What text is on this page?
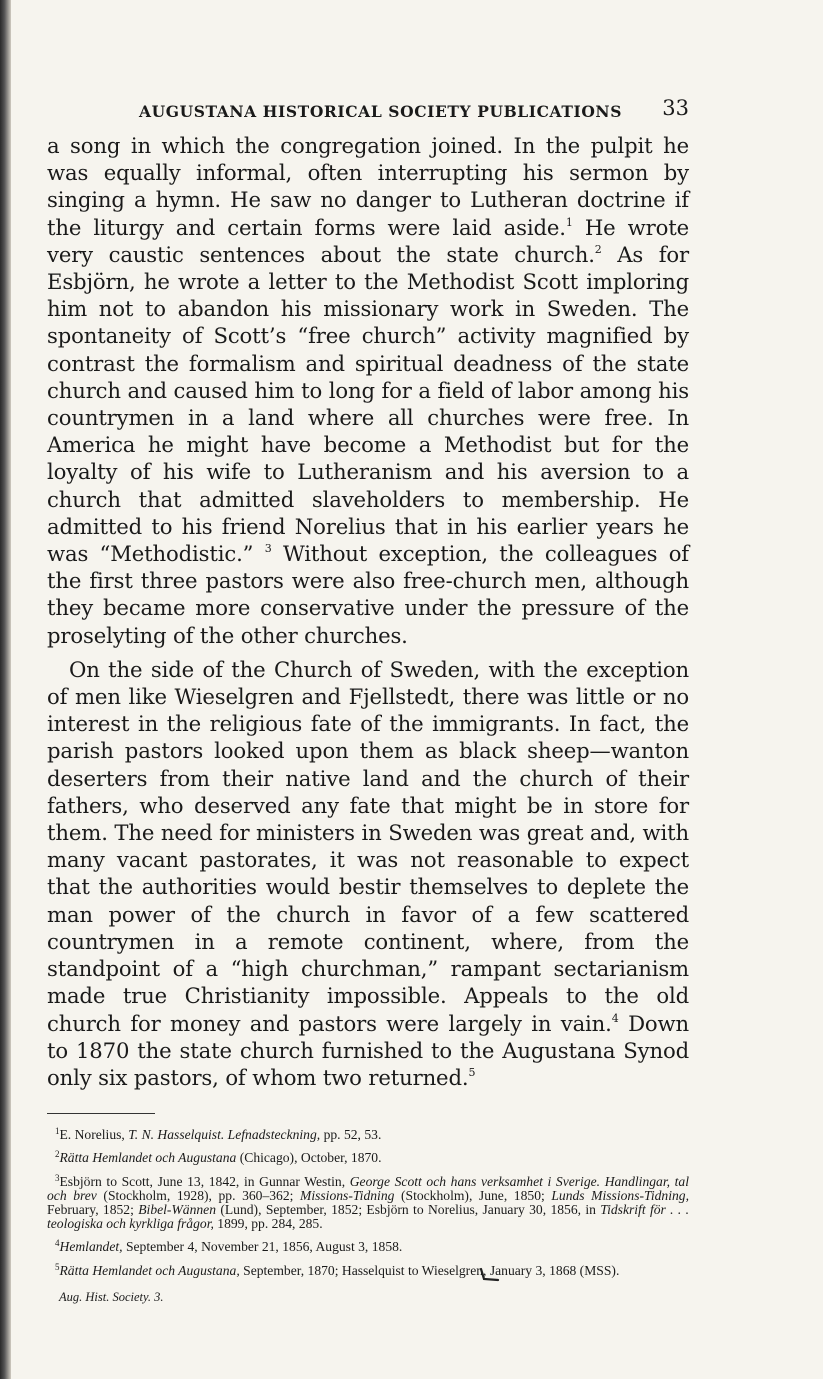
AUGUSTANA HISTORICAL SOCIETY PUBLICATIONS 33

a song in which the congregation joined. In the pulpit he was equally informal, often interrupting his sermon by singing a hymn. He saw no danger to Lutheran doctrine if the liturgy and certain forms were laid aside.$^1$ He wrote very caustic sentences about the state church.$^2$ As for Esbjörn, he wrote a letter to the Methodist Scott imploring him not to abandon his missionary work in Sweden. The spontaneity of Scott’s “free church” activity magnified by contrast the formalism and spiritual deadness of the state church and caused him to long for a field of labor among his countrymen in a land where all churches were free. In America he might have become a Methodist but for the loyalty of his wife to Lutheranism and his aversion to a church that admitted slaveholders to membership. He admitted to his friend Norelius that in his earlier years he was “Methodistic.” $^3$ Without exception, the colleagues of the first three pastors were also free-church men, although they became more conservative under the pressure of the proselyting of the other churches.

On the side of the Church of Sweden, with the exception of men like Wieselgren and Fjellstedt, there was little or no interest in the religious fate of the immigrants. In fact, the parish pastors looked upon them as black sheep—wanton deserters from their native land and the church of their fathers, who deserved any fate that might be in store for them. The need for ministers in Sweden was great and, with many vacant pastorates, it was not reasonable to expect that the authorities would bestir themselves to deplete the man power of the church in favor of a few scattered countrymen in a remote continent, where, from the standpoint of a “high churchman,” rampant sectarianism made true Christianity impossible. Appeals to the old church for money and pastors were largely in vain.$^4$ Down to 1870 the state church furnished to the Augustana Synod only six pastors, of whom two returned.$^5$

$^1$E. Norelius, T. N. Hasselquist. Lefnadsteckning, pp. 52, 53.

$^2$Rätta Hemlandet och Augustana (Chicago), October, 1870.

$^3$Esbjörn to Scott, June 13, 1842, in Gunnar Westin, George Scott och hans verksamhet i Sverige. Handlingar, tal och brev (Stockholm, 1928), pp. 360–362; Missions-Tidning (Stockholm), June, 1850; Lunds Missions-Tidning, February, 1852; Bibel-Wännen (Lund), September, 1852; Esbjörn to Norelius, January 30, 1856, in Tidskrift för . . . teologiska och kyrkliga frågor, 1899, pp. 284, 285.

$^4$Hemlandet, September 4, November 21, 1856, August 3, 1858.

$^5$Rätta Hemlandet och Augustana, September, 1870; Hasselquist to Wieselgren, January 3, 1868 (MSS).

Aug. Hist. Society. 3.
